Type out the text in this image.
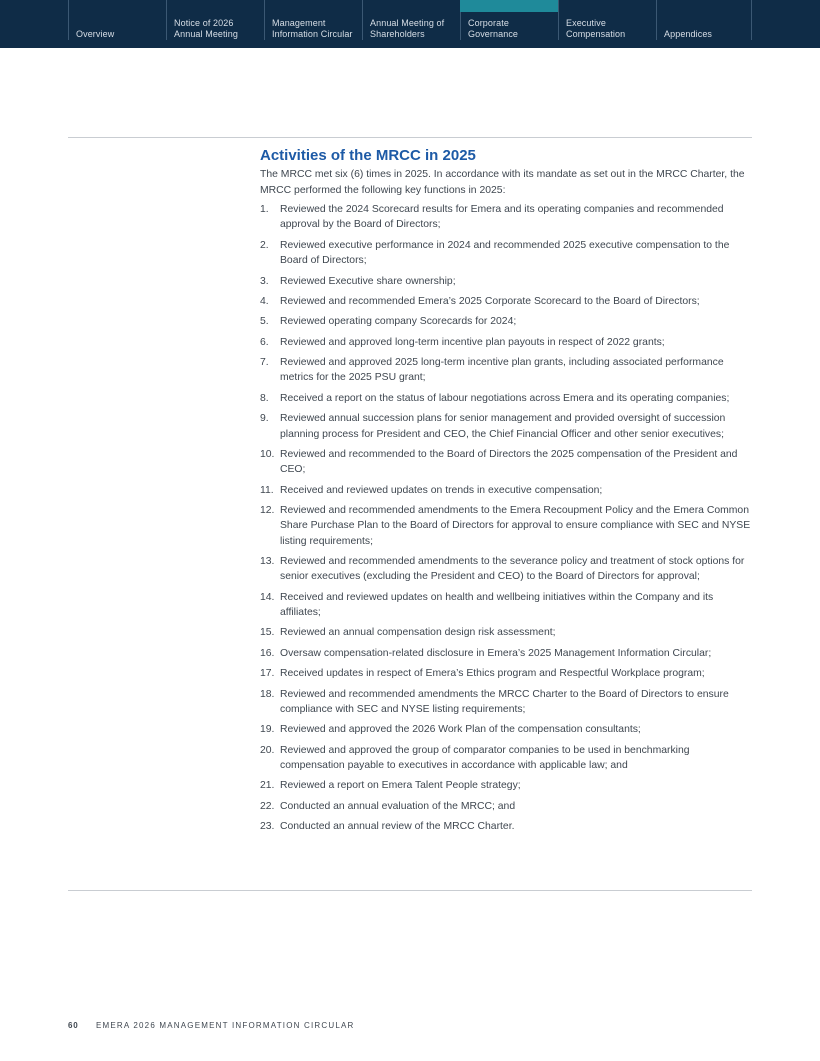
Overview
Notice of 2026
Annual Meeting
Management
Information Circular
Annual Meeting of
Shareholders
Corporate
Governance
Executive
Compensation	Appendices
Activities of the MRCC in 2025

The MRCC met six (6) times in 2025. In accordance with its mandate as set out in the MRCC Charter, the MRCC performed the following key functions in 2025:

1. Reviewed the 2024 Scorecard results for Emera and its operating companies and recommended approval by the Board of Directors;
2. Reviewed executive performance in 2024 and recommended 2025 executive compensation to the Board of Directors;
3. Reviewed Executive share ownership;
4. Reviewed and recommended Emera’s 2025 Corporate Scorecard to the Board of Directors;
5. Reviewed operating company Scorecards for 2024;
6. Reviewed and approved long-term incentive plan payouts in respect of 2022 grants;
7. Reviewed and approved 2025 long-term incentive plan grants, including associated performance metrics for the 2025 PSU grant;
8. Received a report on the status of labour negotiations across Emera and its operating companies;
9. Reviewed annual succession plans for senior management and provided oversight of succession planning process for President and CEO, the Chief Financial Officer and other senior executives;
10. Reviewed and recommended to the Board of Directors the 2025 compensation of the President and CEO;
11. Received and reviewed updates on trends in executive compensation;
12. Reviewed and recommended amendments to the Emera Recoupment Policy and the Emera Common Share Purchase Plan to the Board of Directors for approval to ensure compliance with SEC and NYSE listing requirements;
13. Reviewed and recommended amendments to the severance policy and treatment of stock options for senior executives (excluding the President and CEO) to the Board of Directors for approval;
14. Received and reviewed updates on health and wellbeing initiatives within the Company and its affiliates;
15. Reviewed an annual compensation design risk assessment;
16. Oversaw compensation-related disclosure in Emera’s 2025 Management Information Circular;
17. Received updates in respect of Emera’s Ethics program and Respectful Workplace program;
18. Reviewed and recommended amendments the MRCC Charter to the Board of Directors to ensure compliance with SEC and NYSE listing requirements;
19. Reviewed and approved the 2026 Work Plan of the compensation consultants;
20. Reviewed and approved the group of comparator companies to be used in benchmarking compensation payable to executives in accordance with applicable law; and
21. Reviewed a report on Emera Talent People strategy;
22. Conducted an annual evaluation of the MRCC; and
23. Conducted an annual review of the MRCC Charter.
60 EMERA 2026 MANAGEMENT INFORMATION CIRCULAR
